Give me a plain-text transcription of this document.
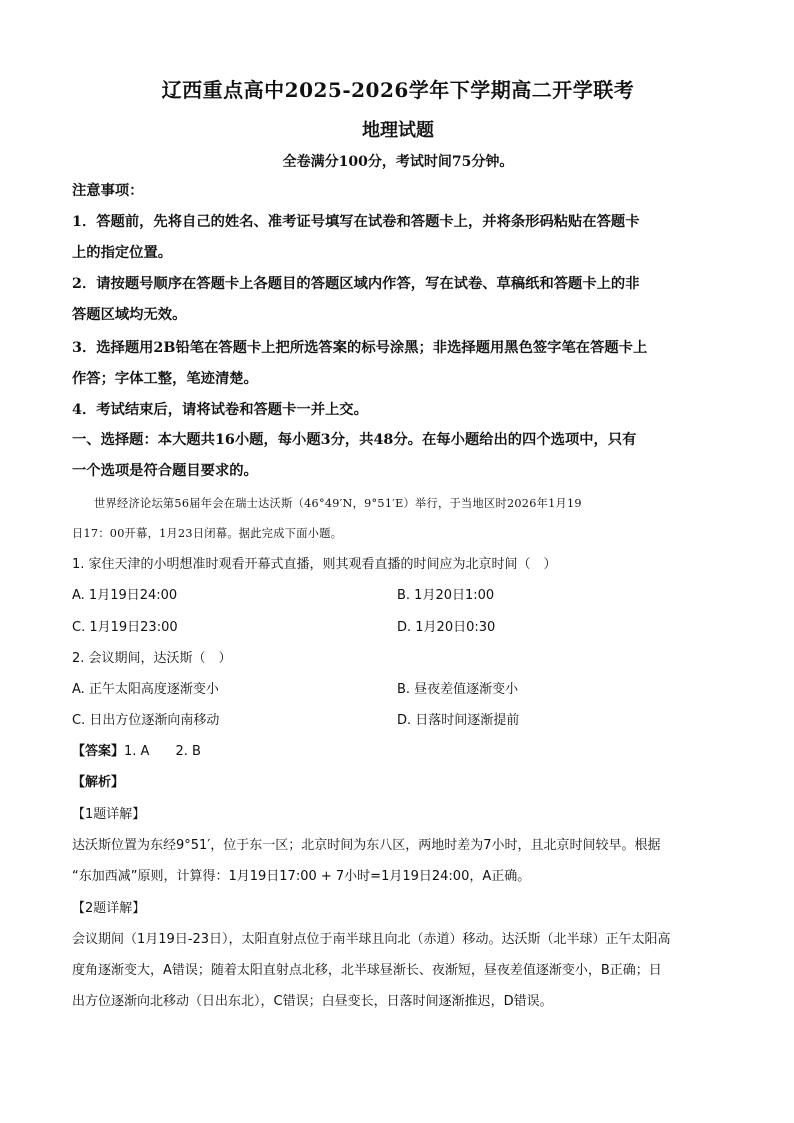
辽西重点高中2025-2026学年下学期高二开学联考
地理试题
全卷满分100分，考试时间75分钟。
注意事项：
1．答题前，先将自己的姓名、准考证号填写在试卷和答题卡上，并将条形码粘贴在答题卡
上的指定位置。
2．请按题号顺序在答题卡上各题目的答题区域内作答，写在试卷、草稿纸和答题卡上的非
答题区域均无效。
3．选择题用2B铅笔在答题卡上把所选答案的标号涂黑；非选择题用黑色签字笔在答题卡上
作答；字体工整，笔迹清楚。
4．考试结束后，请将试卷和答题卡一并上交。
一、选择题：本大题共16小题，每小题3分，共48分。在每小题给出的四个选项中，只有
一个选项是符合题目要求的。
世界经济论坛第56届年会在瑞士达沃斯（46°49′N，9°51′E）举行，于当地区时2026年1月19
日17：00开幕，1月23日闭幕。据此完成下面小题。
1. 家住天津的小明想准时观看开幕式直播，则其观看直播的时间应为北京时间（　）
A. 1月19日24:00	B. 1月20日1:00
C. 1月19日23:00	D. 1月20日0:30
2. 会议期间，达沃斯（　）
A. 正午太阳高度逐渐变小	B. 昼夜差值逐渐变小
C. 日出方位逐渐向南移动	D. 日落时间逐渐提前
【答案】1. A　　2. B
【解析】
【1题详解】
达沃斯位置为东经9°51′，位于东一区；北京时间为东八区，两地时差为7小时，且北京时间较早。根据
“东加西减”原则，计算得：1月19日17:00 + 7小时=1月19日24:00，A正确。
【2题详解】
会议期间（1月19日-23日），太阳直射点位于南半球且向北（赤道）移动。达沃斯（北半球）正午太阳高
度角逐渐变大，A错误；随着太阳直射点北移，北半球昼渐长、夜渐短，昼夜差值逐渐变小，B正确；日
出方位逐渐向北移动（日出东北），C错误；白昼变长，日落时间逐渐推迟，D错误。
